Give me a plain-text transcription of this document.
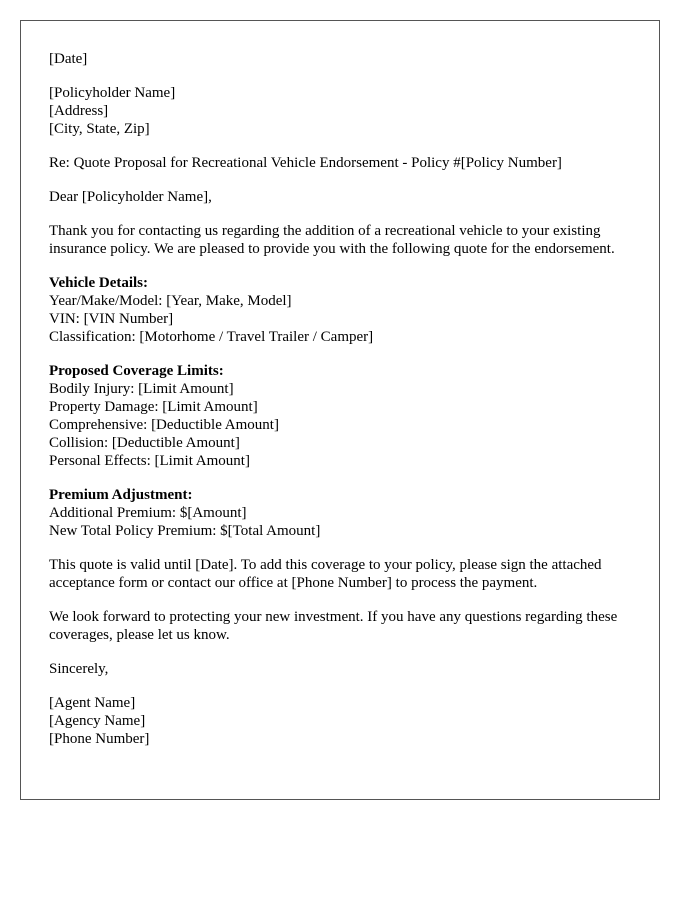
[Date]
[Policyholder Name]
[Address]
[City, State, Zip]
Re: Quote Proposal for Recreational Vehicle Endorsement - Policy #[Policy Number]
Dear [Policyholder Name],
Thank you for contacting us regarding the addition of a recreational vehicle to your existing insurance policy. We are pleased to provide you with the following quote for the endorsement.
Vehicle Details:
Year/Make/Model: [Year, Make, Model]
VIN: [VIN Number]
Classification: [Motorhome / Travel Trailer / Camper]
Proposed Coverage Limits:
Bodily Injury: [Limit Amount]
Property Damage: [Limit Amount]
Comprehensive: [Deductible Amount]
Collision: [Deductible Amount]
Personal Effects: [Limit Amount]
Premium Adjustment:
Additional Premium: $[Amount]
New Total Policy Premium: $[Total Amount]
This quote is valid until [Date]. To add this coverage to your policy, please sign the attached acceptance form or contact our office at [Phone Number] to process the payment.
We look forward to protecting your new investment. If you have any questions regarding these coverages, please let us know.
Sincerely,
[Agent Name]
[Agency Name]
[Phone Number]
